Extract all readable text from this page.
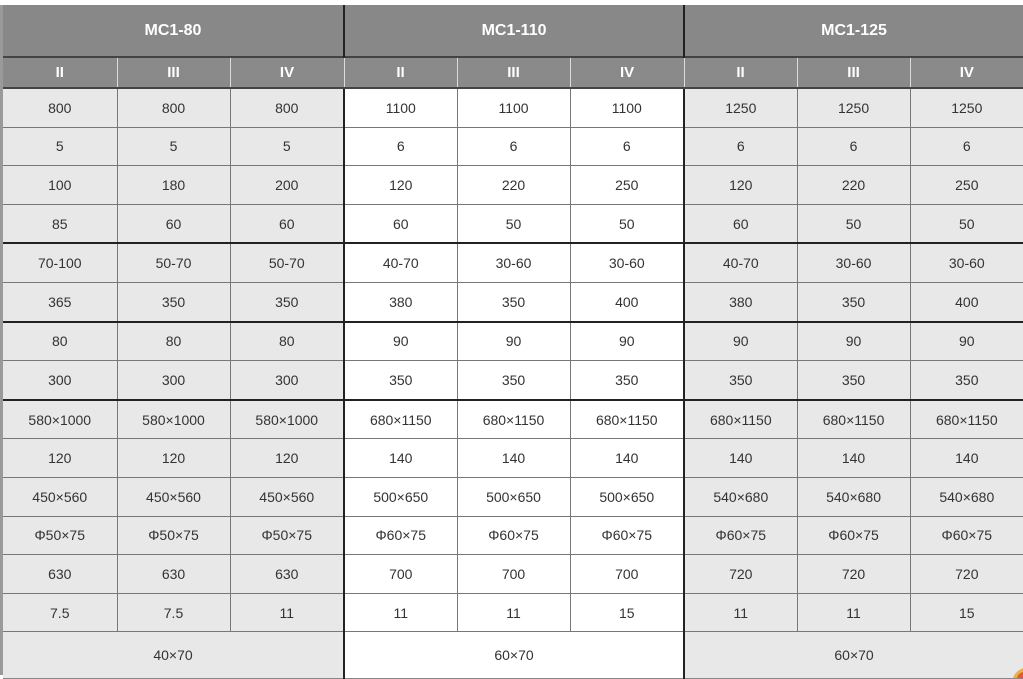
MC1-80			MC1-110			MC1-125		
II	III	IV	II	III	IV	II	III	IV
800	800	800	1100	1100	1100	1250	1250	1250
5	5	5	6	6	6	6	6	6
100	180	200	120	220	250	120	220	250
85	60	60	60	50	50	60	50	50
70-100	50-70	50-70	40-70	30-60	30-60	40-70	30-60	30-60
365	350	350	380	350	400	380	350	400
80	80	80	90	90	90	90	90	90
300	300	300	350	350	350	350	350	350
580×1000	580×1000	580×1000	680×1150	680×1150	680×1150	680×1150	680×1150	680×1150
120	120	120	140	140	140	140	140	140
450×560	450×560	450×560	500×650	500×650	500×650	540×680	540×680	540×680
Φ50×75	Φ50×75	Φ50×75	Φ60×75	Φ60×75	Φ60×75	Φ60×75	Φ60×75	Φ60×75
630	630	630	700	700	700	720	720	720
7.5	7.5	11	11	11	15	11	11	15
40×70			60×70			60×70		
